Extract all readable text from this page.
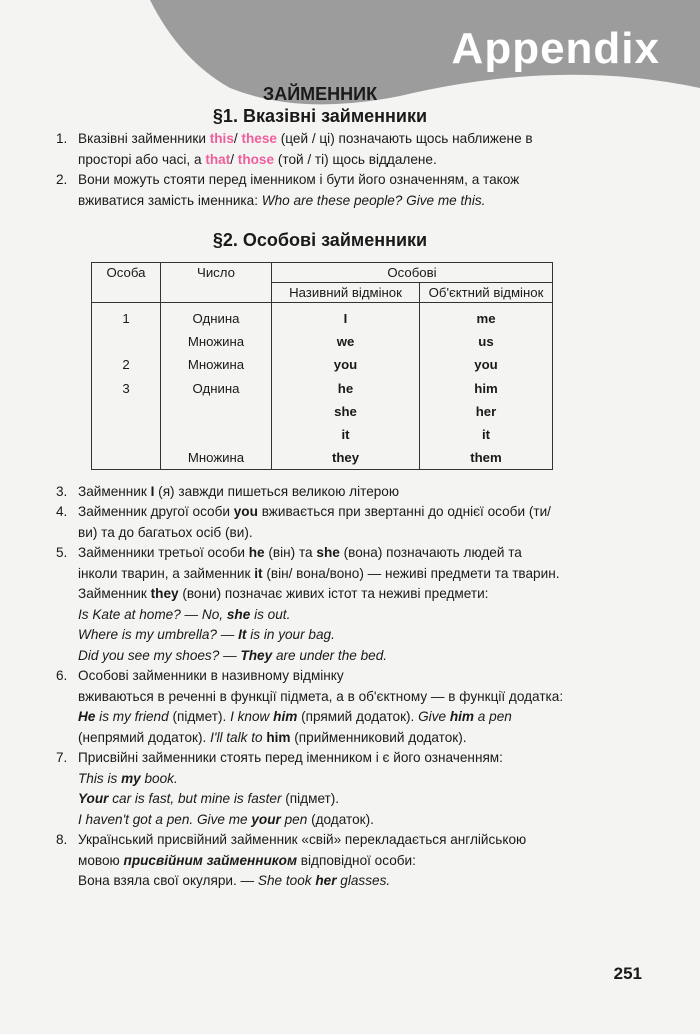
Appendix
ЗАЙМЕННИК
§1. Вказівні займенники
1. Вказівні займенники this/ these (цей / ці) позначають щось наближене в
просторі або часі, а that/ those (той / ті) щось віддалене.
2. Вони можуть стояти перед іменником і бути його означенням, а також
вживатися замість іменника: Who are these people? Give me this.
§2. Особові займенники
Особа	Число	Особові	
		Називний відмінок	Об'єктний відмінок
1	Однина	I	me
	Множина	we	us
2	Множина	you	you
3	Однина	he	him
		she	her
		it	it
	Множина	they	them
3. Займенник I (я) завжди пишеться великою літерою
4. Займенник другої особи you вживається при звертанні до однієї особи (ти/
ви) та до багатьох осіб (ви).
5. Займенники третьої особи he (він) та she (вона) позначають людей та
інколи тварин, а займенник it (він/ вона/воно) — неживі предмети та тварин.
Займенник they (вони) позначає живих істот та неживі предмети:
Is Kate at home? — No, she is out.
Where is my umbrella? — It is in your bag.
Did you see my shoes? — They are under the bed.
6. Особові займенники в називному відмінку
вживаються в реченні в функції підмета, а в об'єктному — в функції додатка:
He is my friend (підмет). I know him (прямий додаток). Give him a pen
(непрямий додаток). I'll talk to him (прийменниковий додаток).
7. Присвійні займенники стоять перед іменником і є його означенням:
This is my book.
Your car is fast, but mine is faster (підмет).
I haven't got a pen. Give me your pen (додаток).
8. Український присвійний займенник «свій» перекладається англійською
мовою присвійним займенником відповідної особи:
Вона взяла свої окуляри. — She took her glasses.
251
